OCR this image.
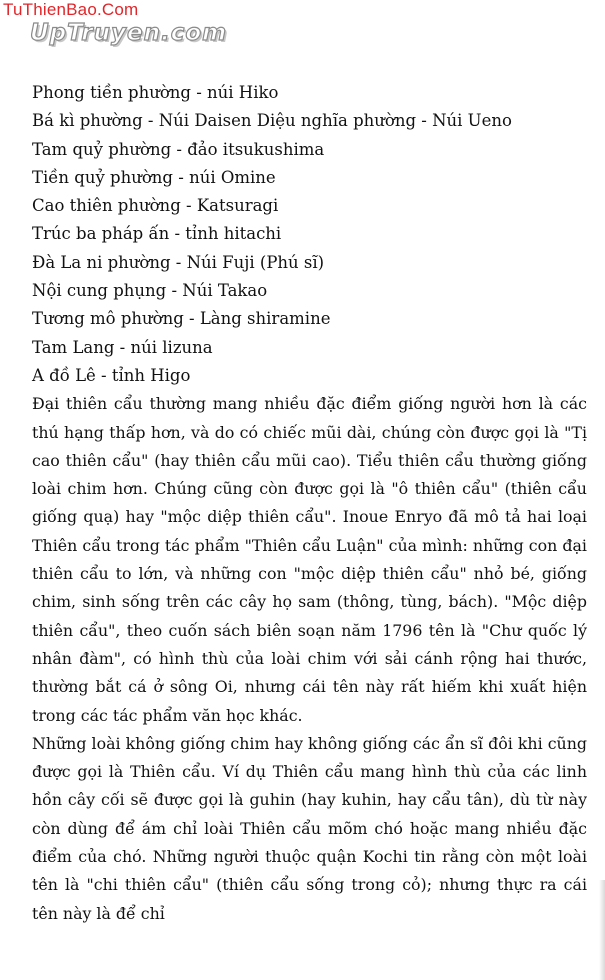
TuThienBao.Com
UpTruyen.com
Phong tiền phường - núi Hiko
Bá kì phường - Núi Daisen Diệu nghĩa phường - Núi Ueno
Tam quỷ phường - đảo itsukushima
Tiền quỷ phường - núi Omine
Cao thiên phường - Katsuragi
Trúc ba pháp ấn - tỉnh hitachi
Đà La ni phường - Núi Fuji (Phú sĩ)
Nội cung phụng - Núi Takao
Tương mô phường - Làng shiramine
Tam Lang - núi lizuna
A đồ Lê - tỉnh Higo

Đại thiên cẩu thường mang nhiều đặc điểm giống người hơn là các thú hạng thấp hơn, và do có chiếc mũi dài, chúng còn được gọi là "Tị cao thiên cẩu" (hay thiên cẩu mũi cao). Tiểu thiên cẩu thường giống loài chim hơn. Chúng cũng còn được gọi là "ô thiên cẩu" (thiên cẩu giống quạ) hay "mộc diệp thiên cẩu". Inoue Enryo đã mô tả hai loại Thiên cẩu trong tác phẩm "Thiên cẩu Luận" của mình: những con đại thiên cẩu to lớn, và những con "mộc diệp thiên cẩu" nhỏ bé, giống chim, sinh sống trên các cây họ sam (thông, tùng, bách). "Mộc diệp thiên cẩu", theo cuốn sách biên soạn năm 1796 tên là "Chư quốc lý nhân đàm", có hình thù của loài chim với sải cánh rộng hai thước, thường bắt cá ở sông Oi, nhưng cái tên này rất hiếm khi xuất hiện trong các tác phẩm văn học khác.

Những loài không giống chim hay không giống các ẩn sĩ đôi khi cũng được gọi là Thiên cẩu. Ví dụ Thiên cẩu mang hình thù của các linh hồn cây cối sẽ được gọi là guhin (hay kuhin, hay cẩu tân), dù từ này còn dùng để ám chỉ loài Thiên cẩu mõm chó hoặc mang nhiều đặc điểm của chó. Những người thuộc quận Kochi tin rằng còn một loài tên là "chi thiên cẩu" (thiên cẩu sống trong cỏ); nhưng thực ra cái tên này là để chỉ
